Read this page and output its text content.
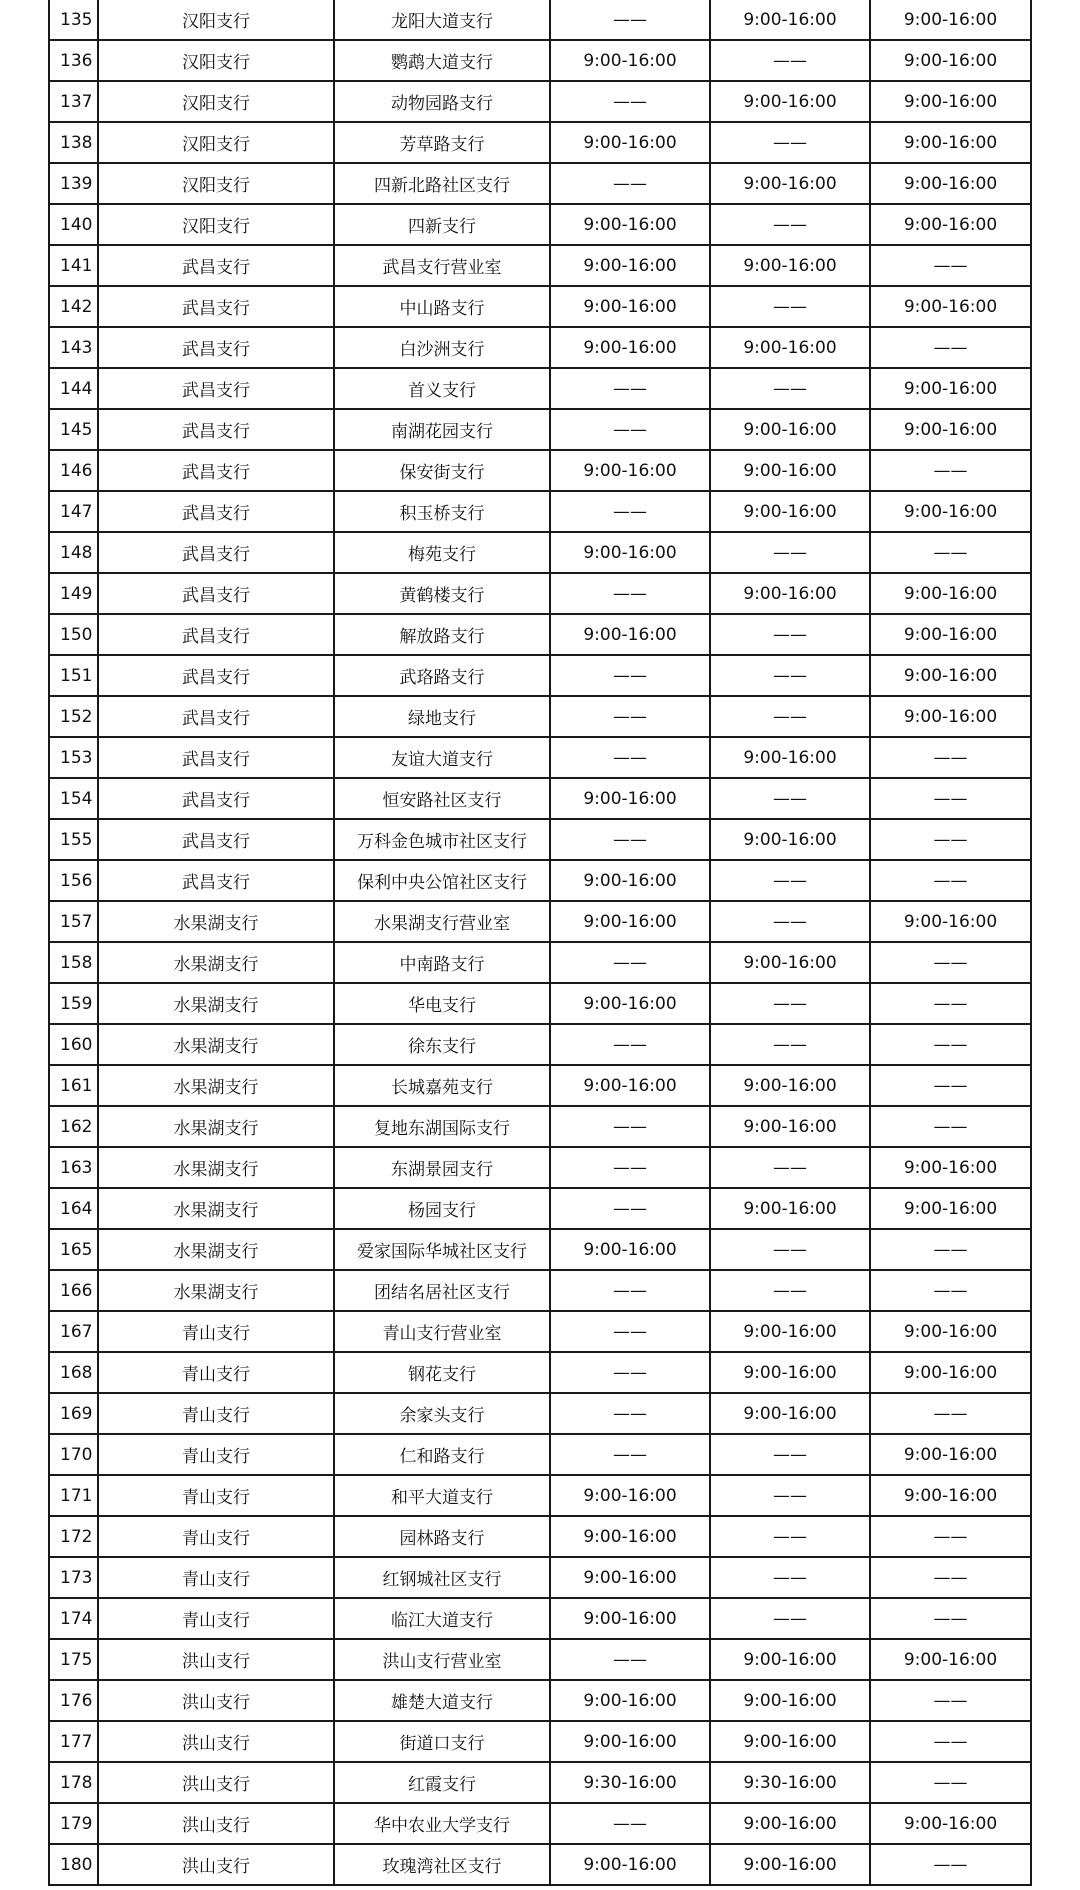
135	汉阳支行	龙阳大道支行	——	9:00-16:00	9:00-16:00
136	汉阳支行	鹦鹉大道支行	9:00-16:00	——	9:00-16:00
137	汉阳支行	动物园路支行	——	9:00-16:00	9:00-16:00
138	汉阳支行	芳草路支行	9:00-16:00	——	9:00-16:00
139	汉阳支行	四新北路社区支行	——	9:00-16:00	9:00-16:00
140	汉阳支行	四新支行	9:00-16:00	——	9:00-16:00
141	武昌支行	武昌支行营业室	9:00-16:00	9:00-16:00	——
142	武昌支行	中山路支行	9:00-16:00	——	9:00-16:00
143	武昌支行	白沙洲支行	9:00-16:00	9:00-16:00	——
144	武昌支行	首义支行	——	——	9:00-16:00
145	武昌支行	南湖花园支行	——	9:00-16:00	9:00-16:00
146	武昌支行	保安街支行	9:00-16:00	9:00-16:00	——
147	武昌支行	积玉桥支行	——	9:00-16:00	9:00-16:00
148	武昌支行	梅苑支行	9:00-16:00	——	——
149	武昌支行	黄鹤楼支行	——	9:00-16:00	9:00-16:00
150	武昌支行	解放路支行	9:00-16:00	——	9:00-16:00
151	武昌支行	武珞路支行	——	——	9:00-16:00
152	武昌支行	绿地支行	——	——	9:00-16:00
153	武昌支行	友谊大道支行	——	9:00-16:00	——
154	武昌支行	恒安路社区支行	9:00-16:00	——	——
155	武昌支行	万科金色城市社区支行	——	9:00-16:00	——
156	武昌支行	保利中央公馆社区支行	9:00-16:00	——	——
157	水果湖支行	水果湖支行营业室	9:00-16:00	——	9:00-16:00
158	水果湖支行	中南路支行	——	9:00-16:00	——
159	水果湖支行	华电支行	9:00-16:00	——	——
160	水果湖支行	徐东支行	——	——	——
161	水果湖支行	长城嘉苑支行	9:00-16:00	9:00-16:00	——
162	水果湖支行	复地东湖国际支行	——	9:00-16:00	——
163	水果湖支行	东湖景园支行	——	——	9:00-16:00
164	水果湖支行	杨园支行	——	9:00-16:00	9:00-16:00
165	水果湖支行	爱家国际华城社区支行	9:00-16:00	——	——
166	水果湖支行	团结名居社区支行	——	——	——
167	青山支行	青山支行营业室	——	9:00-16:00	9:00-16:00
168	青山支行	钢花支行	——	9:00-16:00	9:00-16:00
169	青山支行	余家头支行	——	9:00-16:00	——
170	青山支行	仁和路支行	——	——	9:00-16:00
171	青山支行	和平大道支行	9:00-16:00	——	9:00-16:00
172	青山支行	园林路支行	9:00-16:00	——	——
173	青山支行	红钢城社区支行	9:00-16:00	——	——
174	青山支行	临江大道支行	9:00-16:00	——	——
175	洪山支行	洪山支行营业室	——	9:00-16:00	9:00-16:00
176	洪山支行	雄楚大道支行	9:00-16:00	9:00-16:00	——
177	洪山支行	街道口支行	9:00-16:00	9:00-16:00	——
178	洪山支行	红霞支行	9:30-16:00	9:30-16:00	——
179	洪山支行	华中农业大学支行	——	9:00-16:00	9:00-16:00
180	洪山支行	玫瑰湾社区支行	9:00-16:00	9:00-16:00	——
